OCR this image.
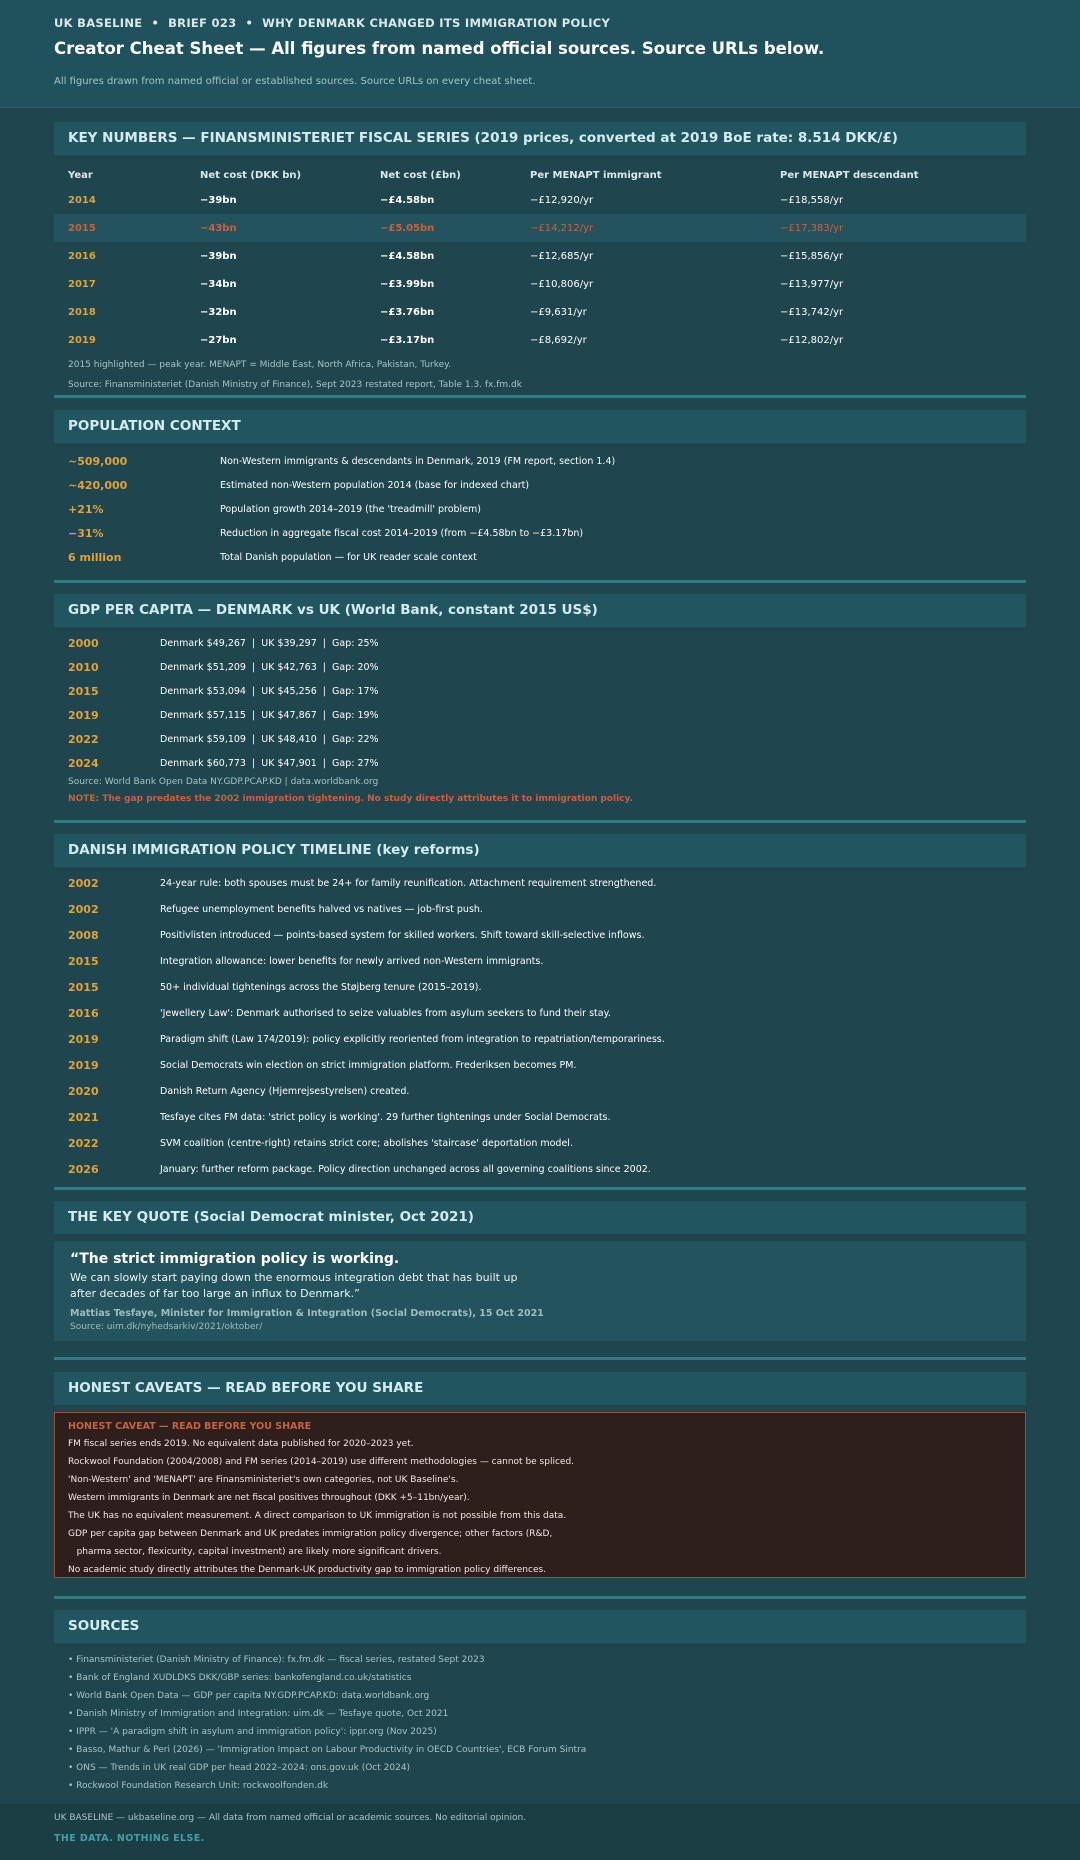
UK BASELINE • BRIEF 023 • WHY DENMARK CHANGED ITS IMMIGRATION POLICY
Creator Cheat Sheet — All figures from named official sources. Source URLs below.
All figures drawn from named official or established sources. Source URLs on every cheat sheet.
KEY NUMBERS — FINANSMINISTERIET FISCAL SERIES (2019 prices, converted at 2019 BoE rate: 8.514 DKK/£)
Year	Net cost (DKK bn)	Net cost (£bn)	Per MENAPT immigrant	Per MENAPT descendant
2014	−39bn	−£4.58bn	−£12,920/yr	−£18,558/yr
2015	−43bn	−£5.05bn	−£14,212/yr	−£17,383/yr
2016	−39bn	−£4.58bn	−£12,685/yr	−£15,856/yr
2017	−34bn	−£3.99bn	−£10,806/yr	−£13,977/yr
2018	−32bn	−£3.76bn	−£9,631/yr	−£13,742/yr
2019	−27bn	−£3.17bn	−£8,692/yr	−£12,802/yr
2015 highlighted — peak year. MENAPT = Middle East, North Africa, Pakistan, Turkey.
Source: Finansministeriet (Danish Ministry of Finance), Sept 2023 restated report, Table 1.3. fx.fm.dk
POPULATION CONTEXT
~509,000	Non-Western immigrants & descendants in Denmark, 2019 (FM report, section 1.4)
~420,000	Estimated non-Western population 2014 (base for indexed chart)
+21%	Population growth 2014–2019 (the 'treadmill' problem)
−31%	Reduction in aggregate fiscal cost 2014–2019 (from −£4.58bn to −£3.17bn)
6 million	Total Danish population — for UK reader scale context
GDP PER CAPITA — DENMARK vs UK (World Bank, constant 2015 US$)
2000	Denmark $49,267  |  UK $39,297  |  Gap: 25%
2010	Denmark $51,209  |  UK $42,763  |  Gap: 20%
2015	Denmark $53,094  |  UK $45,256  |  Gap: 17%
2019	Denmark $57,115  |  UK $47,867  |  Gap: 19%
2022	Denmark $59,109  |  UK $48,410  |  Gap: 22%
2024	Denmark $60,773  |  UK $47,901  |  Gap: 27%
Source: World Bank Open Data NY.GDP.PCAP.KD | data.worldbank.org
NOTE: The gap predates the 2002 immigration tightening. No study directly attributes it to immigration policy.
DANISH IMMIGRATION POLICY TIMELINE (key reforms)
2002	24-year rule: both spouses must be 24+ for family reunification. Attachment requirement strengthened.
2002	Refugee unemployment benefits halved vs natives — job-first push.
2008	Positivlisten introduced — points-based system for skilled workers. Shift toward skill-selective inflows.
2015	Integration allowance: lower benefits for newly arrived non-Western immigrants.
2015	50+ individual tightenings across the Støjberg tenure (2015–2019).
2016	'Jewellery Law': Denmark authorised to seize valuables from asylum seekers to fund their stay.
2019	Paradigm shift (Law 174/2019): policy explicitly reoriented from integration to repatriation/temporariness.
2019	Social Democrats win election on strict immigration platform. Frederiksen becomes PM.
2020	Danish Return Agency (Hjemrejsestyrelsen) created.
2021	Tesfaye cites FM data: 'strict policy is working'. 29 further tightenings under Social Democrats.
2022	SVM coalition (centre-right) retains strict core; abolishes 'staircase' deportation model.
2026	January: further reform package. Policy direction unchanged across all governing coalitions since 2002.
THE KEY QUOTE (Social Democrat minister, Oct 2021)
“The strict immigration policy is working.
We can slowly start paying down the enormous integration debt that has built up after decades of far too large an influx to Denmark.”
Mattias Tesfaye, Minister for Immigration & Integration (Social Democrats), 15 Oct 2021
Source: uim.dk/nyhedsarkiv/2021/oktober/
HONEST CAVEATS — READ BEFORE YOU SHARE
HONEST CAVEAT — READ BEFORE YOU SHARE
FM fiscal series ends 2019. No equivalent data published for 2020–2023 yet.
Rockwool Foundation (2004/2008) and FM series (2014–2019) use different methodologies — cannot be spliced.
'Non-Western' and 'MENAPT' are Finansministeriet's own categories, not UK Baseline's.
Western immigrants in Denmark are net fiscal positives throughout (DKK +5–11bn/year).
The UK has no equivalent measurement. A direct comparison to UK immigration is not possible from this data.
GDP per capita gap between Denmark and UK predates immigration policy divergence; other factors (R&D,
pharma sector, flexicurity, capital investment) are likely more significant drivers.
No academic study directly attributes the Denmark-UK productivity gap to immigration policy differences.
SOURCES
• Finansministeriet (Danish Ministry of Finance): fx.fm.dk — fiscal series, restated Sept 2023
• Bank of England XUDLDKS DKK/GBP series: bankofengland.co.uk/statistics
• World Bank Open Data — GDP per capita NY.GDP.PCAP.KD: data.worldbank.org
• Danish Ministry of Immigration and Integration: uim.dk — Tesfaye quote, Oct 2021
• IPPR — 'A paradigm shift in asylum and immigration policy': ippr.org (Nov 2025)
• Basso, Mathur & Peri (2026) — 'Immigration Impact on Labour Productivity in OECD Countries', ECB Forum Sintra
• ONS — Trends in UK real GDP per head 2022–2024: ons.gov.uk (Oct 2024)
• Rockwool Foundation Research Unit: rockwoolfonden.dk
UK BASELINE — ukbaseline.org — All data from named official or academic sources. No editorial opinion.
THE DATA. NOTHING ELSE.
